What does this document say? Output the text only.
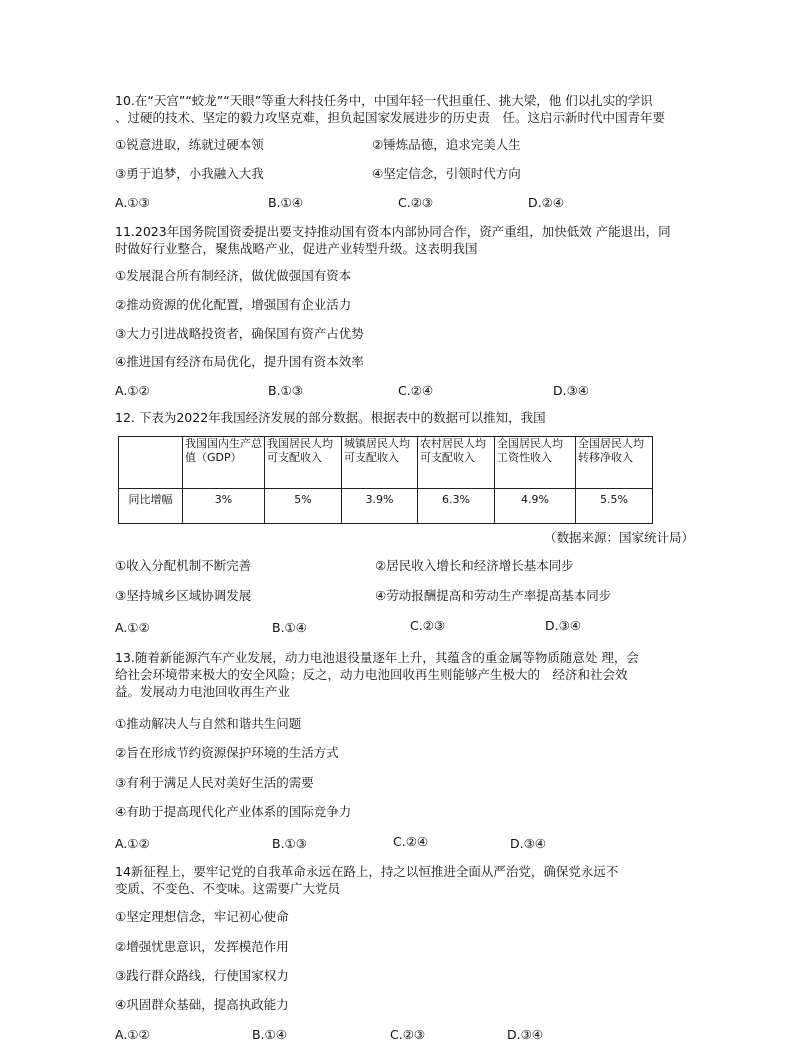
10.在“天宫”“蛟龙”“天眼”等重大科技任务中，中国年轻一代担重任、挑大梁，他 们以扎实的学识
、过硬的技术、坚定的毅力攻坚克难，担负起国家发展进步的历史责　任。这启示新时代中国青年要
①锐意进取，练就过硬本领	②锤炼品德，追求完美人生
③勇于追梦，小我融入大我	④坚定信念，引领时代方向
A.①③	B.①④	C.②③	D.②④
11.2023年国务院国资委提出要支持推动国有资本内部协同合作，资产重组，加快低效 产能退出，同
时做好行业整合，聚焦战略产业，促进产业转型升级。这表明我国
①发展混合所有制经济，做优做强国有资本
②推动资源的优化配置，增强国有企业活力
③大力引进战略投资者，确保国有资产占优势
④推进国有经济布局优化，提升国有资本效率
A.①②	B.①③	C.②④	D.③④
12. 下表为2022年我国经济发展的部分数据。根据表中的数据可以推知，我国
	我国国内生产总值（GDP）	我国居民人均可支配收入	城镇居民人均可支配收入	农村居民人均可支配收入	全国居民人均工资性收入	全国居民人均转移净收入
同比增幅	3%	5%	3.9%	6.3%	4.9%	5.5%
（数据来源：国家统计局）
①收入分配机制不断完善	②居民收入增长和经济增长基本同步
③坚持城乡区域协调发展	④劳动报酬提高和劳动生产率提高基本同步
A.①②	B.①④	C.②③	D.③④
13.随着新能源汽车产业发展，动力电池退役量逐年上升，其蕴含的重金属等物质随意处 理，会
给社会环境带来极大的安全风险；反之，动力电池回收再生则能够产生极大的　经济和社会效
益。发展动力电池回收再生产业
①推动解决人与自然和谐共生问题
②旨在形成节约资源保护环境的生活方式
③有利于满足人民对美好生活的需要
④有助于提高现代化产业体系的国际竞争力
A.①②	B.①③	C.②④	D.③④
14新征程上，要牢记党的自我革命永远在路上，持之以恒推进全面从严治党，确保党永远不
变质、不变色、不变味。这需要广大党员
①坚定理想信念，牢记初心使命
②增强忧患意识，发挥模范作用
③践行群众路线，行使国家权力
④巩固群众基础，提高执政能力
A.①②	B.①④	C.②③	D.③④
